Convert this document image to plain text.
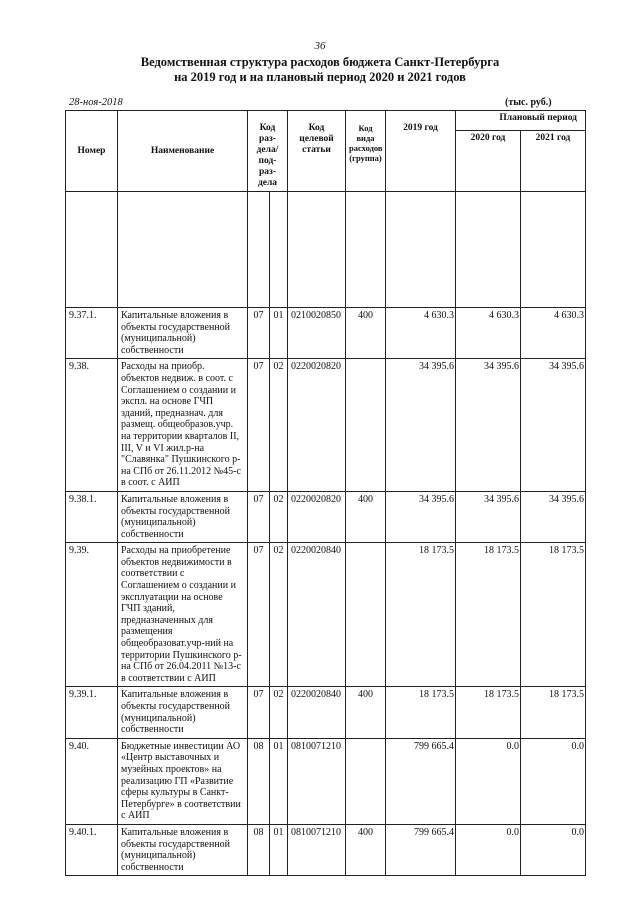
36
Ведомственная структура расходов бюджета Санкт-Петербурга
на 2019 год и на плановый период 2020 и 2021 годов
28-ноя-2018	(тыс. руб.)
Номер	Наименование	Код раз- дела/ под- раз- дела		Код целевой статьи	Код вида расходов (группа)	2019 год	Плановый период	
							2020 год	2021 год

9.37.1.	Капитальные вложения в объекты государственной (муниципальной) собственности	07	01	0210020850	400	4 630.3	4 630.3	4 630.3
9.38.	Расходы на приобр. объектов недвиж. в соот. с Соглашением о создании и экспл. на основе ГЧП зданий, предназнач. для размещ. общеобразов.учр. на территории кварталов II, III, V и VI жил.р-на "Славянка" Пушкинского р-на СПб от 26.11.2012 №45-с в соот. с АИП	07	02	0220020820		34 395.6	34 395.6	34 395.6
9.38.1.	Капитальные вложения в объекты государственной (муниципальной) собственности	07	02	0220020820	400	34 395.6	34 395.6	34 395.6
9.39.	Расходы на приобретение объектов недвижимости в соответствии с Соглашением о создании и эксплуатации на основе ГЧП зданий, предназначенных для размещения общеобразоват.учр-ний на территории Пушкинского р-на СПб от 26.04.2011 №13-с в соответствии с АИП	07	02	0220020840		18 173.5	18 173.5	18 173.5
9.39.1.	Капитальные вложения в объекты государственной (муниципальной) собственности	07	02	0220020840	400	18 173.5	18 173.5	18 173.5
9.40.	Бюджетные инвестиции АО «Центр выставочных и музейных проектов» на реализацию ГП «Развитие сферы культуры в Санкт-Петербурге» в соответствии с АИП	08	01	0810071210		799 665.4	0.0	0.0
9.40.1.	Капитальные вложения в объекты государственной (муниципальной) собственности	08	01	0810071210	400	799 665.4	0.0	0.0
